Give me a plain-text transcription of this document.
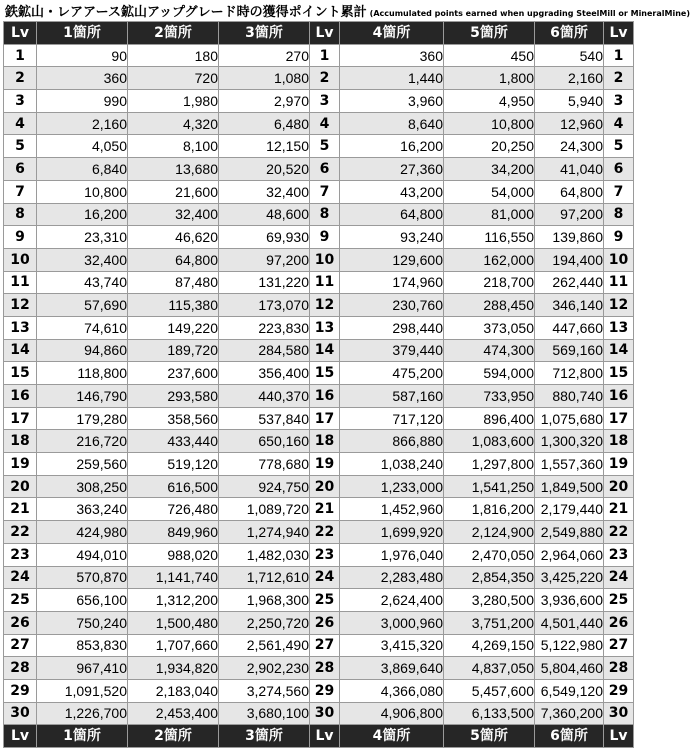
鉄鉱山・レアアース鉱山アップグレード時の獲得ポイント累計 (Accumulated points earned when upgrading SteelMill or MineralMine)
Lv	1箇所	2箇所	3箇所	Lv	4箇所	5箇所	6箇所	Lv
1	90	180	270	1	360	450	540	1
2	360	720	1,080	2	1,440	1,800	2,160	2
3	990	1,980	2,970	3	3,960	4,950	5,940	3
4	2,160	4,320	6,480	4	8,640	10,800	12,960	4
5	4,050	8,100	12,150	5	16,200	20,250	24,300	5
6	6,840	13,680	20,520	6	27,360	34,200	41,040	6
7	10,800	21,600	32,400	7	43,200	54,000	64,800	7
8	16,200	32,400	48,600	8	64,800	81,000	97,200	8
9	23,310	46,620	69,930	9	93,240	116,550	139,860	9
10	32,400	64,800	97,200	10	129,600	162,000	194,400	10
11	43,740	87,480	131,220	11	174,960	218,700	262,440	11
12	57,690	115,380	173,070	12	230,760	288,450	346,140	12
13	74,610	149,220	223,830	13	298,440	373,050	447,660	13
14	94,860	189,720	284,580	14	379,440	474,300	569,160	14
15	118,800	237,600	356,400	15	475,200	594,000	712,800	15
16	146,790	293,580	440,370	16	587,160	733,950	880,740	16
17	179,280	358,560	537,840	17	717,120	896,400	1,075,680	17
18	216,720	433,440	650,160	18	866,880	1,083,600	1,300,320	18
19	259,560	519,120	778,680	19	1,038,240	1,297,800	1,557,360	19
20	308,250	616,500	924,750	20	1,233,000	1,541,250	1,849,500	20
21	363,240	726,480	1,089,720	21	1,452,960	1,816,200	2,179,440	21
22	424,980	849,960	1,274,940	22	1,699,920	2,124,900	2,549,880	22
23	494,010	988,020	1,482,030	23	1,976,040	2,470,050	2,964,060	23
24	570,870	1,141,740	1,712,610	24	2,283,480	2,854,350	3,425,220	24
25	656,100	1,312,200	1,968,300	25	2,624,400	3,280,500	3,936,600	25
26	750,240	1,500,480	2,250,720	26	3,000,960	3,751,200	4,501,440	26
27	853,830	1,707,660	2,561,490	27	3,415,320	4,269,150	5,122,980	27
28	967,410	1,934,820	2,902,230	28	3,869,640	4,837,050	5,804,460	28
29	1,091,520	2,183,040	3,274,560	29	4,366,080	5,457,600	6,549,120	29
30	1,226,700	2,453,400	3,680,100	30	4,906,800	6,133,500	7,360,200	30
Lv	1箇所	2箇所	3箇所	Lv	4箇所	5箇所	6箇所	Lv
